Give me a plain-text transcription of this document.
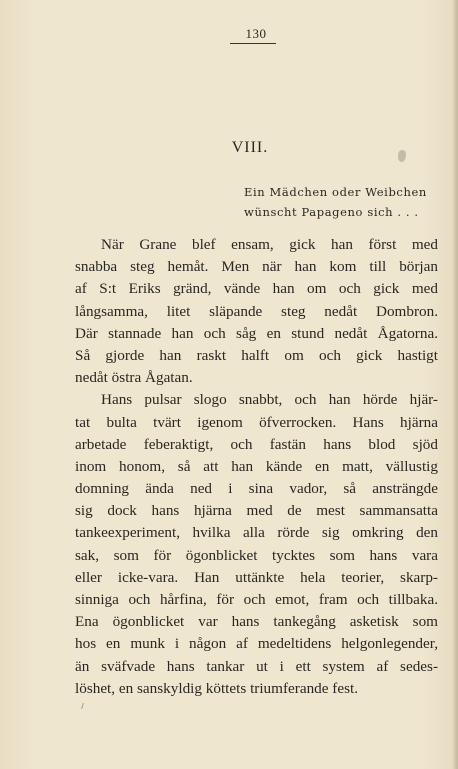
130
VIII.
Ein Mädchen oder Weibchen
wünscht Papageno sich . . .
När Grane blef ensam, gick han först med
snabba steg hemåt. Men när han kom till början
af S:t Eriks gränd, vände han om och gick med
långsamma, litet släpande steg nedåt Dombron.
Där stannade han och såg en stund nedåt Ågatorna.
Så gjorde han raskt halft om och gick hastigt
nedåt östra Ågatan.
Hans pulsar slogo snabbt, och han hörde hjär-
tat bulta tvärt igenom öfverrocken. Hans hjärna
arbetade feberaktigt, och fastän hans blod sjöd
inom honom, så att han kände en matt, vällustig
domning ända ned i sina vador, så ansträngde
sig dock hans hjärna med de mest sammansatta
tankeexperiment, hvilka alla rörde sig omkring den
sak, som för ögonblicket tycktes som hans vara
eller icke-vara. Han uttänkte hela teorier, skarp-
sinniga och hårfina, för och emot, fram och tillbaka.
Ena ögonblicket var hans tankegång asketisk som
hos en munk i någon af medeltidens helgonlegender,
än sväfvade hans tankar ut i ett system af sedes-
löshet, en sanskyldig köttets triumferande fest.
